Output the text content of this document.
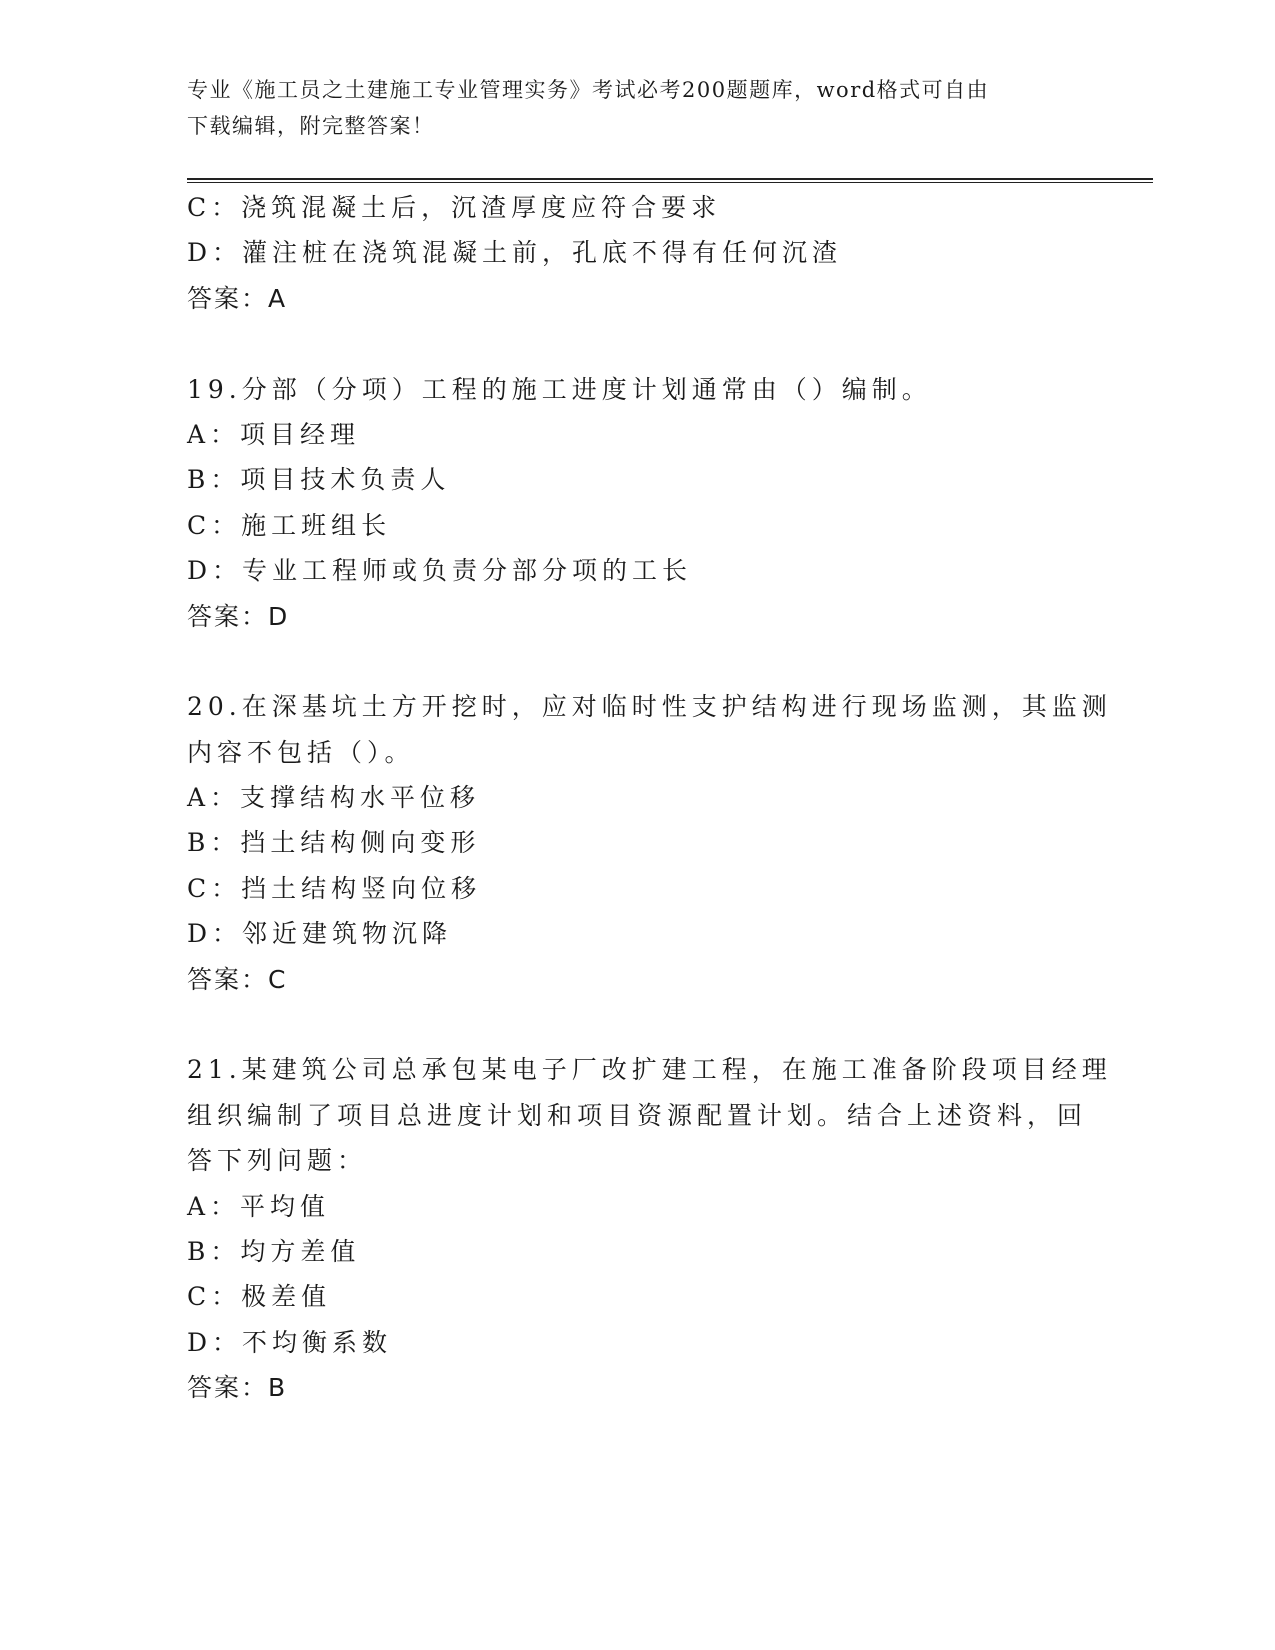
专业《施工员之土建施工专业管理实务》考试必考200题题库，word格式可自由
下载编辑，附完整答案！
C：浇筑混凝土后，沉渣厚度应符合要求
D：灌注桩在浇筑混凝土前，孔底不得有任何沉渣
答案：A
19.分部（分项）工程的施工进度计划通常由（）编制。
A：项目经理
B：项目技术负责人
C：施工班组长
D：专业工程师或负责分部分项的工长
答案：D
20.在深基坑土方开挖时，应对临时性支护结构进行现场监测，其监测
内容不包括（）。
A：支撑结构水平位移
B：挡土结构侧向变形
C：挡土结构竖向位移
D：邻近建筑物沉降
答案：C
21.某建筑公司总承包某电子厂改扩建工程，在施工准备阶段项目经理
组织编制了项目总进度计划和项目资源配置计划。结合上述资料，回
答下列问题：
A：平均值
B：均方差值
C：极差值
D：不均衡系数
答案：B
